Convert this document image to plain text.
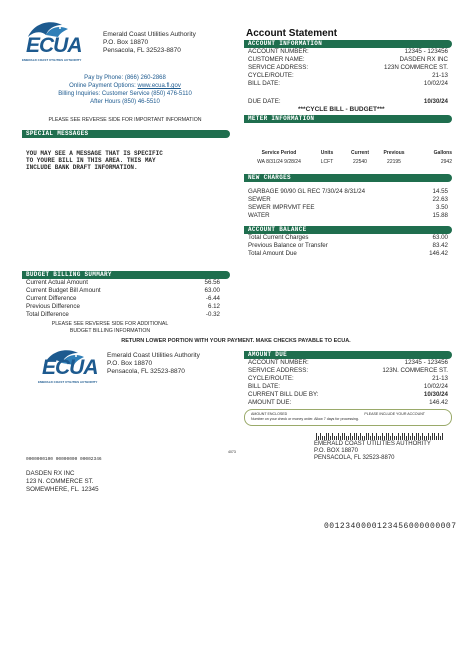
ECUA
EMERALD COAST UTILITIES AUTHORITY
Emerald Coast Utilities Authority
P.O. Box 18870
Pensacola, FL 32523-8870
Pay by Phone: (866) 260-2868
Online Payment Options: www.ecua.fl.gov
Billing Inquiries: Customer Service (850) 476-5110
After Hours (850) 46-5510
PLEASE SEE REVERSE SIDE FOR IMPORTANT INFORMATION
Account Statement
ACCOUNT INFORMATION
ACCOUNT NUMBER:	12345 - 123456
CUSTOMER NAME:	DASDEN RX INC
SERVICE ADDRESS:	123N COMMERCE ST.
CYCLE/ROUTE:	21-13
BILL DATE:	10/02/24
DUE DATE:	10/30/24
***CYCLE BILL - BUDGET***
METER INFORMATION
SPECIAL MESSAGES
YOU MAY SEE A MESSAGE THAT IS SPECIFIC
TO YOURE BILL IN THIS AREA. THIS MAY
INCLUDE BANK DRAFT INFORMATION.
Service Period	Units	Current	Previous	Gallons
WA 8/31/24 9/28/24	LCFT	22540	22195	2942
NEW CHARGES
GARBAGE 90/90 GL REC 7/30/24 8/31/24	14.55
SEWER	22.63
SEWER IMPRVMT FEE	3.50
WATER	15.88
ACCOUNT BALANCE
Total Current Charges	63.00
Previous Balance or Transfer	83.42
Total Amount Due	146.42
BUDGET BILLING SUMMARY
Current Actual Amount	56.56
Current Budget Bill Amount	63.00
Current Difference	-6.44
Previous Difference	6.12
Total Difference	-0.32
PLEASE SEE REVERSE SIDE FOR ADDITIONAL
BUDGET BILLING INFORMATION
RETURN LOWER PORTION WITH YOUR PAYMENT. MAKE CHECKS PAYABLE TO ECUA.
ECUA
EMERALD COAST UTILITIES AUTHORITY
Emerald Coast Utilities Authority
P.O. Box 18870
Pensacola, FL 32523-8870
AMOUNT DUE
ACCOUNT NUMBER:	12345 - 123456
SERVICE ADDRESS:	123N. COMMERCE ST.
CYCLE/ROUTE:	21-13
BILL DATE:	10/02/24
CURRENT BILL DUE BY:	10/30/24
AMOUNT DUE:	146.42
AMOUNT ENCLOSED	PLEASE INCLUDE YOUR ACCOUNT
Number on your check or money order. Allow 7 days for processing.
EMERALD COAST UTILITIES AUTHORITY
P.O. BOX 18870
PENSACOLA, FL 32523-8870
4073
0000000100 00000000 00002346
DASDEN RX INC
123 N. COMMERCE ST.
SOMEWHERE, FL. 12345
0012340000123456000000007
